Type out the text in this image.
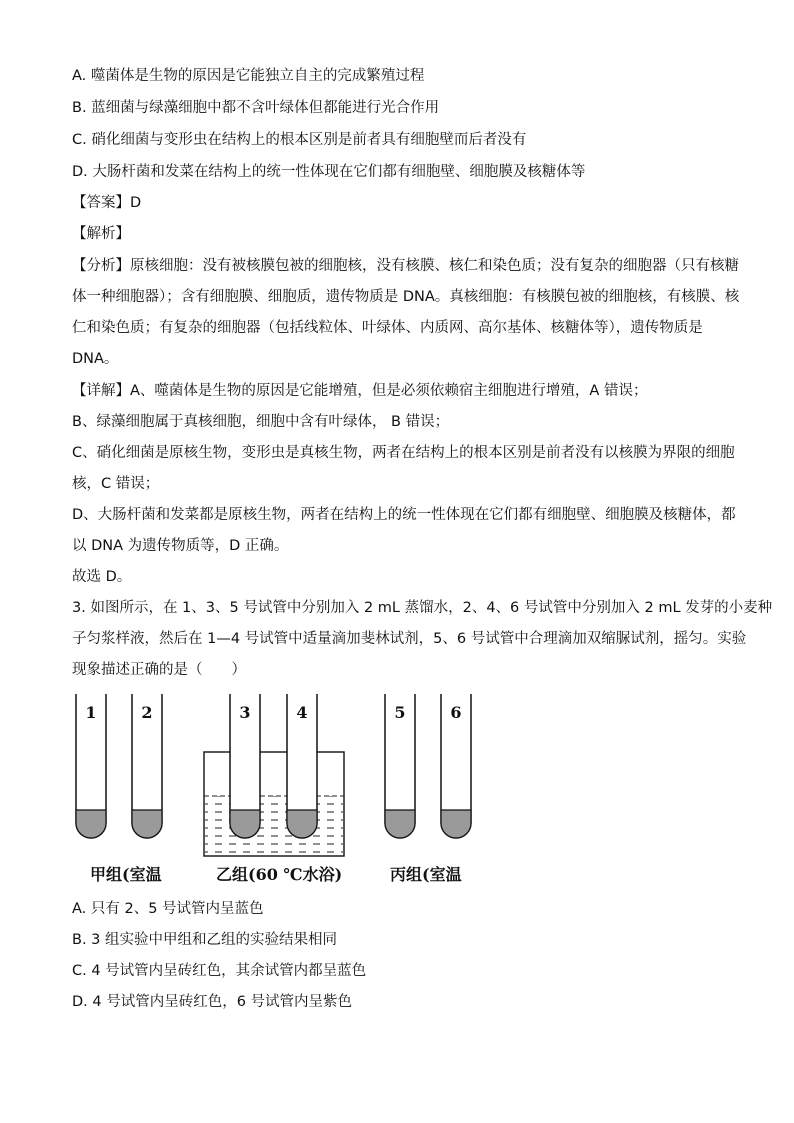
A. 噬菌体是生物的原因是它能独立自主的完成繁殖过程
B. 蓝细菌与绿藻细胞中都不含叶绿体但都能进行光合作用
C. 硝化细菌与变形虫在结构上的根本区别是前者具有细胞壁而后者没有
D. 大肠杆菌和发菜在结构上的统一性体现在它们都有细胞壁、细胞膜及核糖体等
【答案】D
【解析】
【分析】原核细胞：没有被核膜包被的细胞核，没有核膜、核仁和染色质；没有复杂的细胞器（只有核糖
体一种细胞器）；含有细胞膜、细胞质，遗传物质是 DNA。真核细胞：有核膜包被的细胞核，有核膜、核
仁和染色质；有复杂的细胞器（包括线粒体、叶绿体、内质网、高尔基体、核糖体等），遗传物质是
DNA。
【详解】A、噬菌体是生物的原因是它能增殖，但是必须依赖宿主细胞进行增殖，A 错误；
B、绿藻细胞属于真核细胞，细胞中含有叶绿体， B 错误；
C、硝化细菌是原核生物，变形虫是真核生物，两者在结构上的根本区别是前者没有以核膜为界限的细胞
核，C 错误；
D、大肠杆菌和发菜都是原核生物，两者在结构上的统一性体现在它们都有细胞壁、细胞膜及核糖体，都
以 DNA 为遗传物质等，D 正确。
故选 D。
3. 如图所示，在 1、3、5 号试管中分别加入 2 mL 蒸馏水，2、4、6 号试管中分别加入 2 mL 发芽的小麦种
子匀浆样液，然后在 1—4 号试管中适量滴加斐林试剂，5、6 号试管中合理滴加双缩脲试剂，摇匀。实验
现象描述正确的是（　　）
1	2	3	4	5	6
甲组(室温	乙组(60 ℃水浴)	丙组(室温
A. 只有 2、5 号试管内呈蓝色
B. 3 组实验中甲组和乙组的实验结果相同
C. 4 号试管内呈砖红色，其余试管内都呈蓝色
D. 4 号试管内呈砖红色，6 号试管内呈紫色
